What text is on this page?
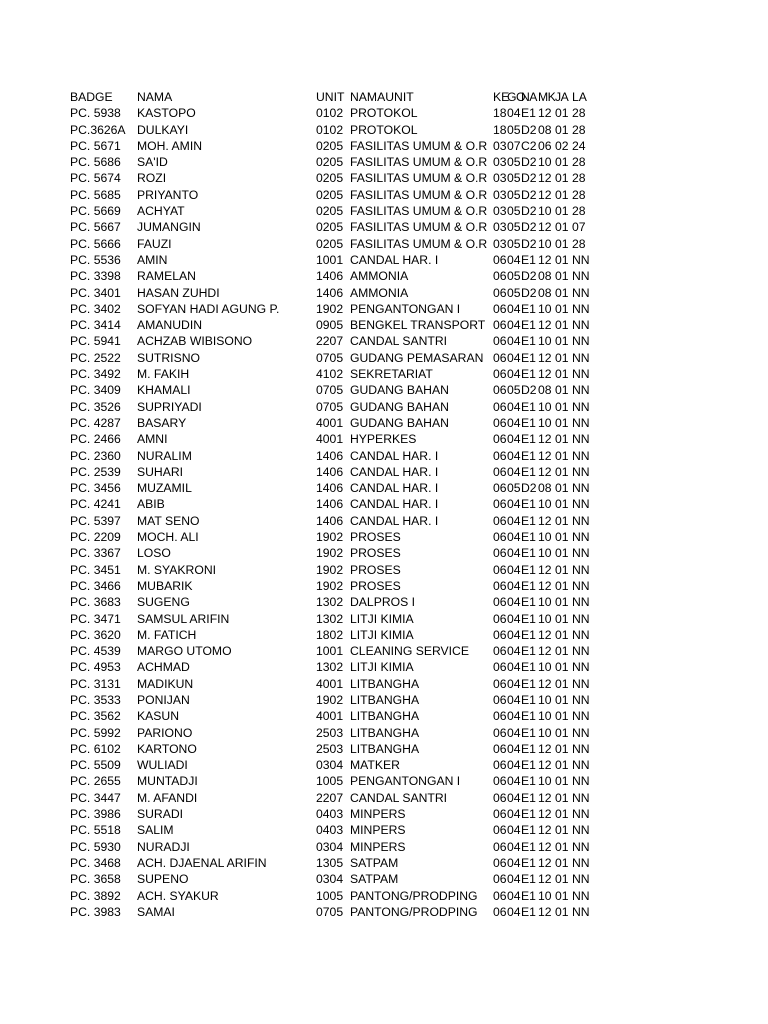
BADGE	NAMA	UNIT NAMAUNIT	KE
GO
NA MK JA LA
PC. 5938	KASTOPO	0102 PROTOKOL	18 04 E1 12 01 28
PC.3626A DULKAYI	0102 PROTOKOL	18 05 D2 08 01 28
PC. 5671	MOH. AMIN	0205 FASILITAS UMUM & O.R 03 07 C2 06 02 24
PC. 5686	SA'ID	0205 FASILITAS UMUM & O.R 03 05 D2 10 01 28
PC. 5674	ROZI	0205 FASILITAS UMUM & O.R 03 05 D2 12 01 28
PC. 5685	PRIYANTO	0205 FASILITAS UMUM & O.R 03 05 D2 12 01 28
PC. 5669	ACHYAT	0205 FASILITAS UMUM & O.R 03 05 D2 10 01 28
PC. 5667	JUMANGIN	0205 FASILITAS UMUM & O.R 03 05 D2 12 01 07
PC. 5666	FAUZI	0205 FASILITAS UMUM & O.R 03 05 D2 10 01 28
PC. 5536	AMIN	1001 CANDAL HAR. I	06 04 E1 12 01 NN
PC. 3398	RAMELAN	1406 AMMONIA	06 05 D2 08 01 NN
PC. 3401	HASAN ZUHDI	1406 AMMONIA	06 05 D2 08 01 NN
PC. 3402	SOFYAN HADI AGUNG P.	1902 PENGANTONGAN I	06 04 E1 10 01 NN
PC. 3414	AMANUDIN	0905 BENGKEL TRANSPORT 06 04 E1 12 01 NN
PC. 5941	ACHZAB WIBISONO	2207 CANDAL SANTRI	06 04 E1 10 01 NN
PC. 2522	SUTRISNO	0705 GUDANG PEMASARAN 06 04 E1 12 01 NN
PC. 3492	M. FAKIH	4102 SEKRETARIAT	06 04 E1 12 01 NN
PC. 3409	KHAMALI	0705 GUDANG BAHAN	06 05 D2 08 01 NN
PC. 3526	SUPRIYADI	0705 GUDANG BAHAN	06 04 E1 10 01 NN
PC. 4287	BASARY	4001 GUDANG BAHAN	06 04 E1 10 01 NN
PC. 2466	AMNI	4001 HYPERKES	06 04 E1 12 01 NN
PC. 2360	NURALIM	1406 CANDAL HAR. I	06 04 E1 12 01 NN
PC. 2539	SUHARI	1406 CANDAL HAR. I	06 04 E1 12 01 NN
PC. 3456	MUZAMIL	1406 CANDAL HAR. I	06 05 D2 08 01 NN
PC. 4241	ABIB	1406 CANDAL HAR. I	06 04 E1 10 01 NN
PC. 5397	MAT SENO	1406 CANDAL HAR. I	06 04 E1 12 01 NN
PC. 2209	MOCH. ALI	1902 PROSES	06 04 E1 10 01 NN
PC. 3367	LOSO	1902 PROSES	06 04 E1 10 01 NN
PC. 3451	M. SYAKRONI	1902 PROSES	06 04 E1 12 01 NN
PC. 3466	MUBARIK	1902 PROSES	06 04 E1 12 01 NN
PC. 3683	SUGENG	1302 DALPROS I	06 04 E1 10 01 NN
PC. 3471	SAMSUL ARIFIN	1302 LITJI KIMIA	06 04 E1 10 01 NN
PC. 3620	M. FATICH	1802 LITJI KIMIA	06 04 E1 12 01 NN
PC. 4539	MARGO UTOMO	1001 CLEANING SERVICE	06 04 E1 12 01 NN
PC. 4953	ACHMAD	1302 LITJI KIMIA	06 04 E1 10 01 NN
PC. 3131	MADIKUN	4001 LITBANGHA	06 04 E1 12 01 NN
PC. 3533	PONIJAN	1902 LITBANGHA	06 04 E1 10 01 NN
PC. 3562	KASUN	4001 LITBANGHA	06 04 E1 10 01 NN
PC. 5992	PARIONO	2503 LITBANGHA	06 04 E1 10 01 NN
PC. 6102	KARTONO	2503 LITBANGHA	06 04 E1 12 01 NN
PC. 5509	WULIADI	0304 MATKER	06 04 E1 12 01 NN
PC. 2655	MUNTADJI	1005 PENGANTONGAN I	06 04 E1 10 01 NN
PC. 3447	M. AFANDI	2207 CANDAL SANTRI	06 04 E1 12 01 NN
PC. 3986	SURADI	0403 MINPERS	06 04 E1 12 01 NN
PC. 5518	SALIM	0403 MINPERS	06 04 E1 12 01 NN
PC. 5930	NURADJI	0304 MINPERS	06 04 E1 12 01 NN
PC. 3468	ACH. DJAENAL ARIFIN	1305 SATPAM	06 04 E1 12 01 NN
PC. 3658	SUPENO	0304 SATPAM	06 04 E1 12 01 NN
PC. 3892	ACH. SYAKUR	1005 PANTONG/PRODPING	06 04 E1 10 01 NN
PC. 3983	SAMAI	0705 PANTONG/PRODPING	06 04 E1 12 01 NN
